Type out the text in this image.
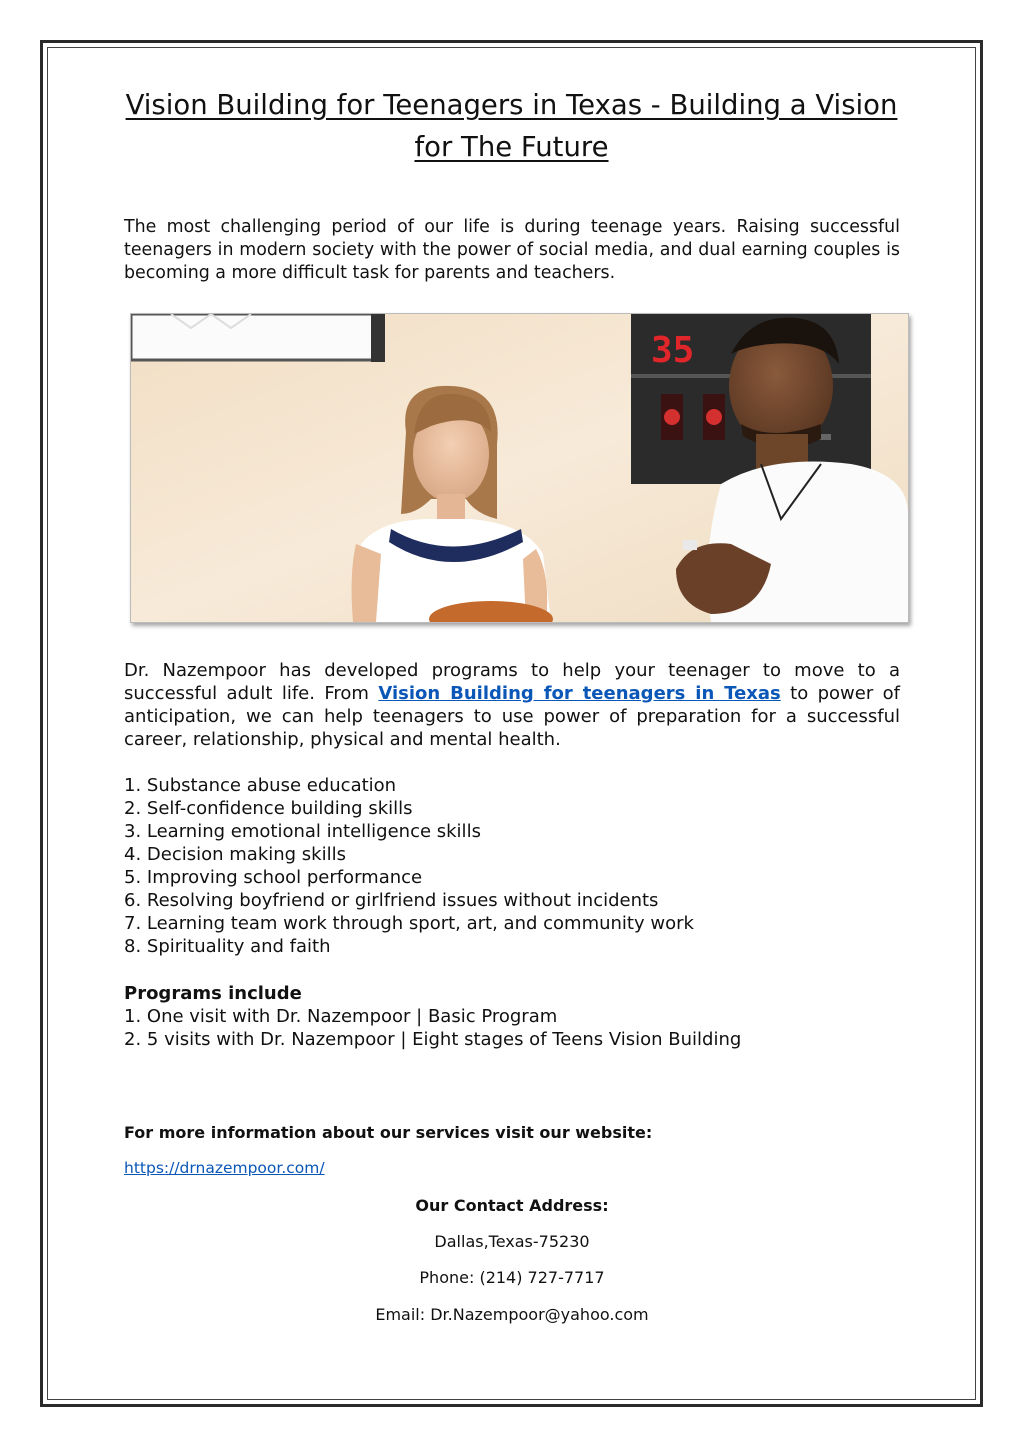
Vision Building for Teenagers in Texas - Building a Vision for The Future

The most challenging period of our life is during teenage years. Raising successful teenagers in modern society with the power of social media, and dual earning couples is becoming a more difficult task for parents and teachers.

35

Dr. Nazempoor has developed programs to help your teenager to move to a successful adult life. From Vision Building for teenagers in Texas to power of anticipation, we can help teenagers to use power of preparation for a successful career, relationship, physical and mental health.

1. Substance abuse education
2. Self-confidence building skills
3. Learning emotional intelligence skills
4. Decision making skills
5. Improving school performance
6. Resolving boyfriend or girlfriend issues without incidents
7. Learning team work through sport, art, and community work
8. Spirituality and faith

Programs include

1. One visit with Dr. Nazempoor | Basic Program
2. 5 visits with Dr. Nazempoor | Eight stages of Teens Vision Building

For more information about our services visit our website:

https://drnazempoor.com/

Our Contact Address:

Dallas,Texas-75230

Phone: (214) 727-7717

Email: Dr.Nazempoor@yahoo.com
